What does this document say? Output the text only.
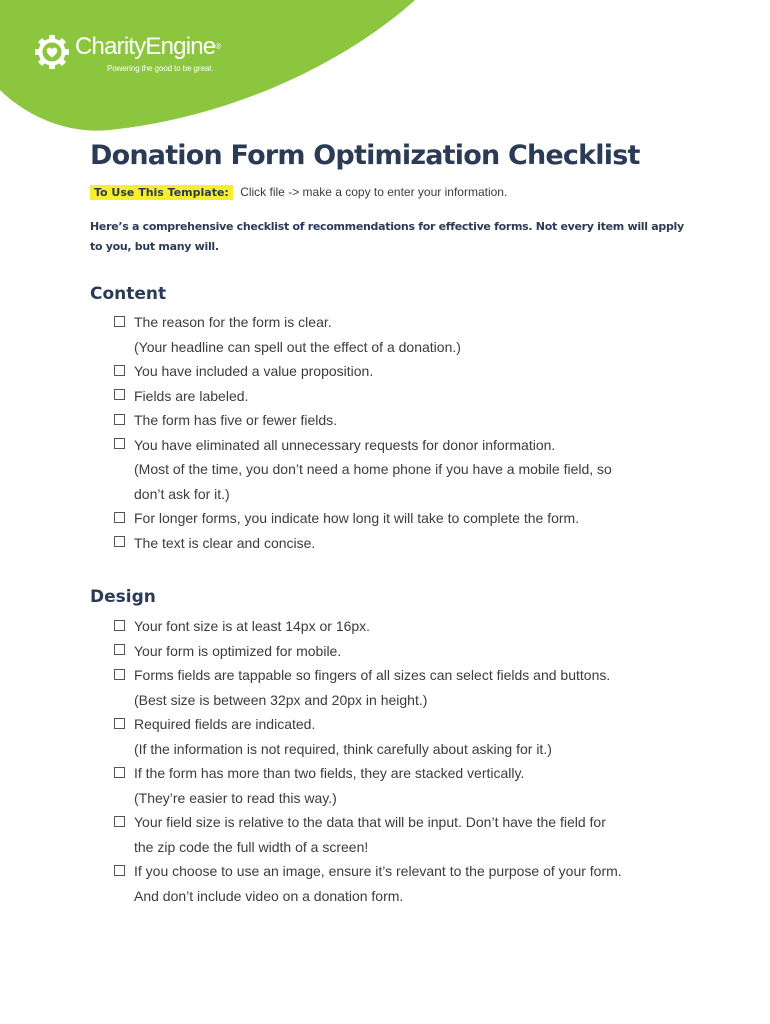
CharityEngine®
Powering the good to be great.
Donation Form Optimization Checklist
To Use This Template: Click file -> make a copy to enter your information.
Here’s a comprehensive checklist of recommendations for effective forms. Not every item will apply
to you, but many will.
Content
The reason for the form is clear.
(Your headline can spell out the effect of a donation.)
You have included a value proposition.
Fields are labeled.
The form has five or fewer fields.
You have eliminated all unnecessary requests for donor information.
(Most of the time, you don’t need a home phone if you have a mobile field, so
don’t ask for it.)
For longer forms, you indicate how long it will take to complete the form.
The text is clear and concise.
Design
Your font size is at least 14px or 16px.
Your form is optimized for mobile.
Forms fields are tappable so fingers of all sizes can select fields and buttons.
(Best size is between 32px and 20px in height.)
Required fields are indicated.
(If the information is not required, think carefully about asking for it.)
If the form has more than two fields, they are stacked vertically.
(They’re easier to read this way.)
Your field size is relative to the data that will be input. Don’t have the field for
the zip code the full width of a screen!
If you choose to use an image, ensure it’s relevant to the purpose of your form.
And don’t include video on a donation form.
